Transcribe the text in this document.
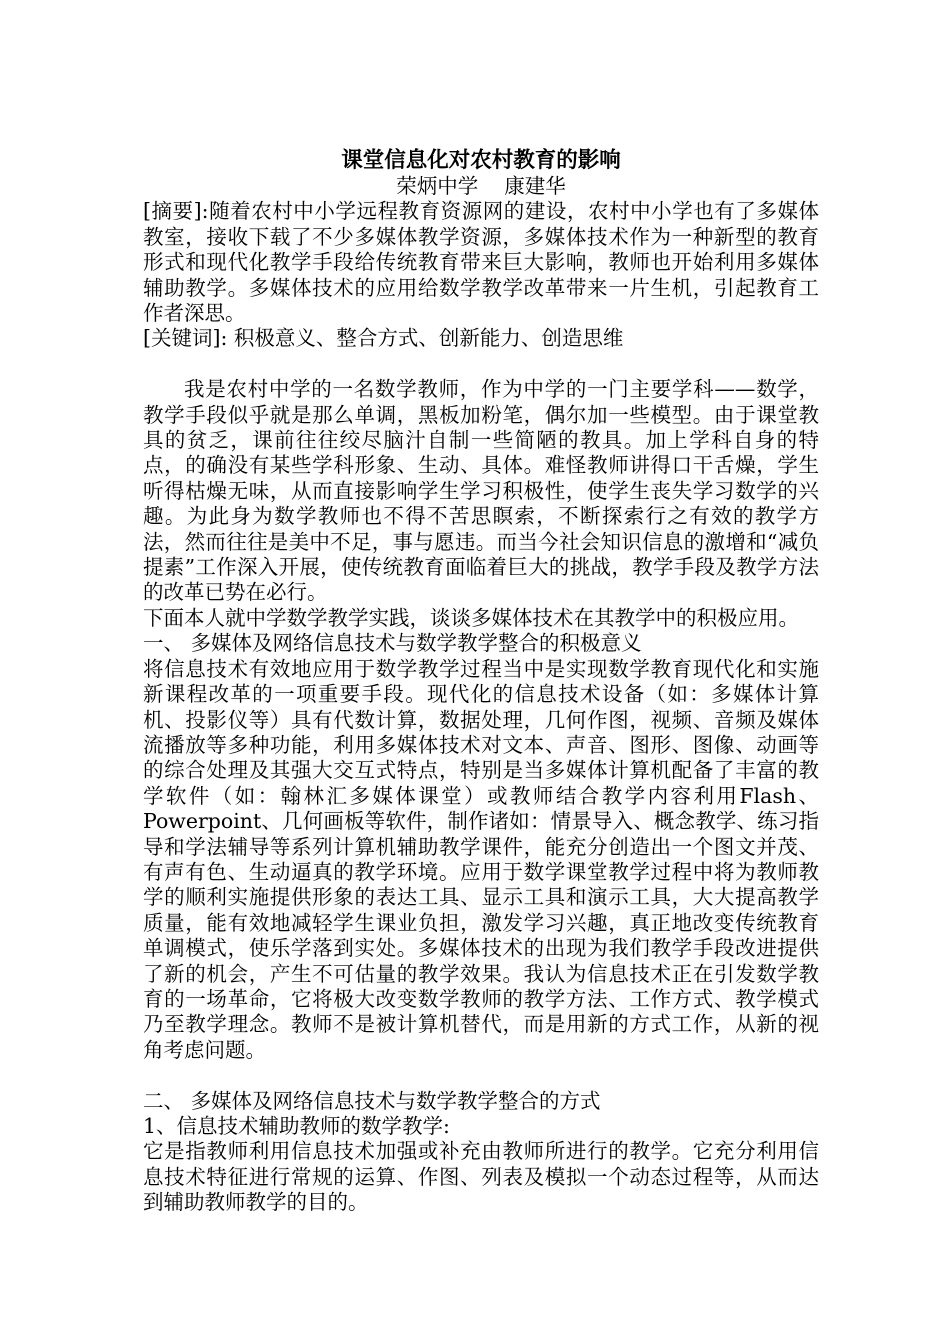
课堂信息化对农村教育的影响

荣炳中学    康建华

[摘要]:随着农村中小学远程教育资源网的建设，农村中小学也有了多媒体教室，接收下载了不少多媒体教学资源，多媒体技术作为一种新型的教育形式和现代化教学手段给传统教育带来巨大影响，教师也开始利用多媒体辅助教学。多媒体技术的应用给数学教学改革带来一片生机，引起教育工作者深思。

[关键词]: 积极意义、整合方式、创新能力、创造思维

我是农村中学的一名数学教师，作为中学的一门主要学科——数学，教学手段似乎就是那么单调，黑板加粉笔，偶尔加一些模型。由于课堂教具的贫乏，课前往往绞尽脑汁自制一些简陋的教具。加上学科自身的特点，的确没有某些学科形象、生动、具体。难怪教师讲得口干舌燥，学生听得枯燥无味，从而直接影响学生学习积极性，使学生丧失学习数学的兴趣。为此身为数学教师也不得不苦思瞑索，不断探索行之有效的教学方法，然而往往是美中不足，事与愿违。而当今社会知识信息的激增和“减负提素”工作深入开展，使传统教育面临着巨大的挑战，教学手段及教学方法的改革已势在必行。

下面本人就中学数学教学实践，谈谈多媒体技术在其教学中的积极应用。

一、 多媒体及网络信息技术与数学教学整合的积极意义

将信息技术有效地应用于数学教学过程当中是实现数学教育现代化和实施新课程改革的一项重要手段。现代化的信息技术设备（如：多媒体计算机、投影仪等）具有代数计算，数据处理，几何作图，视频、音频及媒体流播放等多种功能，利用多媒体技术对文本、声音、图形、图像、动画等的综合处理及其强大交互式特点，特别是当多媒体计算机配备了丰富的教学软件（如：翰林汇多媒体课堂）或教师结合教学内容利用Flash、Powerpoint、几何画板等软件，制作诸如：情景导入、概念教学、练习指导和学法辅导等系列计算机辅助教学课件，能充分创造出一个图文并茂、有声有色、生动逼真的教学环境。应用于数学课堂教学过程中将为教师教学的顺利实施提供形象的表达工具、显示工具和演示工具，大大提高教学质量，能有效地减轻学生课业负担，激发学习兴趣，真正地改变传统教育单调模式，使乐学落到实处。多媒体技术的出现为我们教学手段改进提供了新的机会，产生不可估量的教学效果。我认为信息技术正在引发数学教育的一场革命，它将极大改变数学教师的教学方法、工作方式、教学模式乃至教学理念。教师不是被计算机替代，而是用新的方式工作，从新的视角考虑问题。

二、 多媒体及网络信息技术与数学教学整合的方式

1、信息技术辅助教师的数学教学:

它是指教师利用信息技术加强或补充由教师所进行的教学。它充分利用信息技术特征进行常规的运算、作图、列表及模拟一个动态过程等，从而达到辅助教师教学的目的。
